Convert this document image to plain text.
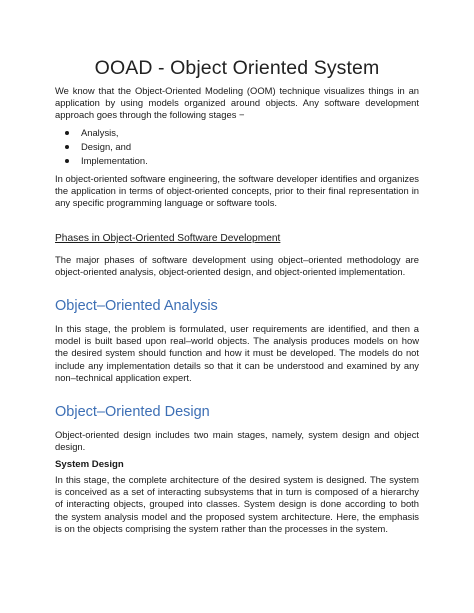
OOAD - Object Oriented System

We know that the Object-Oriented Modeling (OOM) technique visualizes things in an application by using models organized around objects. Any software development approach goes through the following stages −

Analysis,
Design, and
Implementation.

In object-oriented software engineering, the software developer identifies and organizes the application in terms of object-oriented concepts, prior to their final representation in any specific programming language or software tools.

Phases in Object-Oriented Software Development

The major phases of software development using object–oriented methodology are object-oriented analysis, object-oriented design, and object-oriented implementation.

Object–Oriented Analysis

In this stage, the problem is formulated, user requirements are identified, and then a model is built based upon real–world objects. The analysis produces models on how the desired system should function and how it must be developed. The models do not include any implementation details so that it can be understood and examined by any non–technical application expert.

Object–Oriented Design

Object-oriented design includes two main stages, namely, system design and object design.

System Design

In this stage, the complete architecture of the desired system is designed. The system is conceived as a set of interacting subsystems that in turn is composed of a hierarchy of interacting objects, grouped into classes. System design is done according to both the system analysis model and the proposed system architecture. Here, the emphasis is on the objects comprising the system rather than the processes in the system.
